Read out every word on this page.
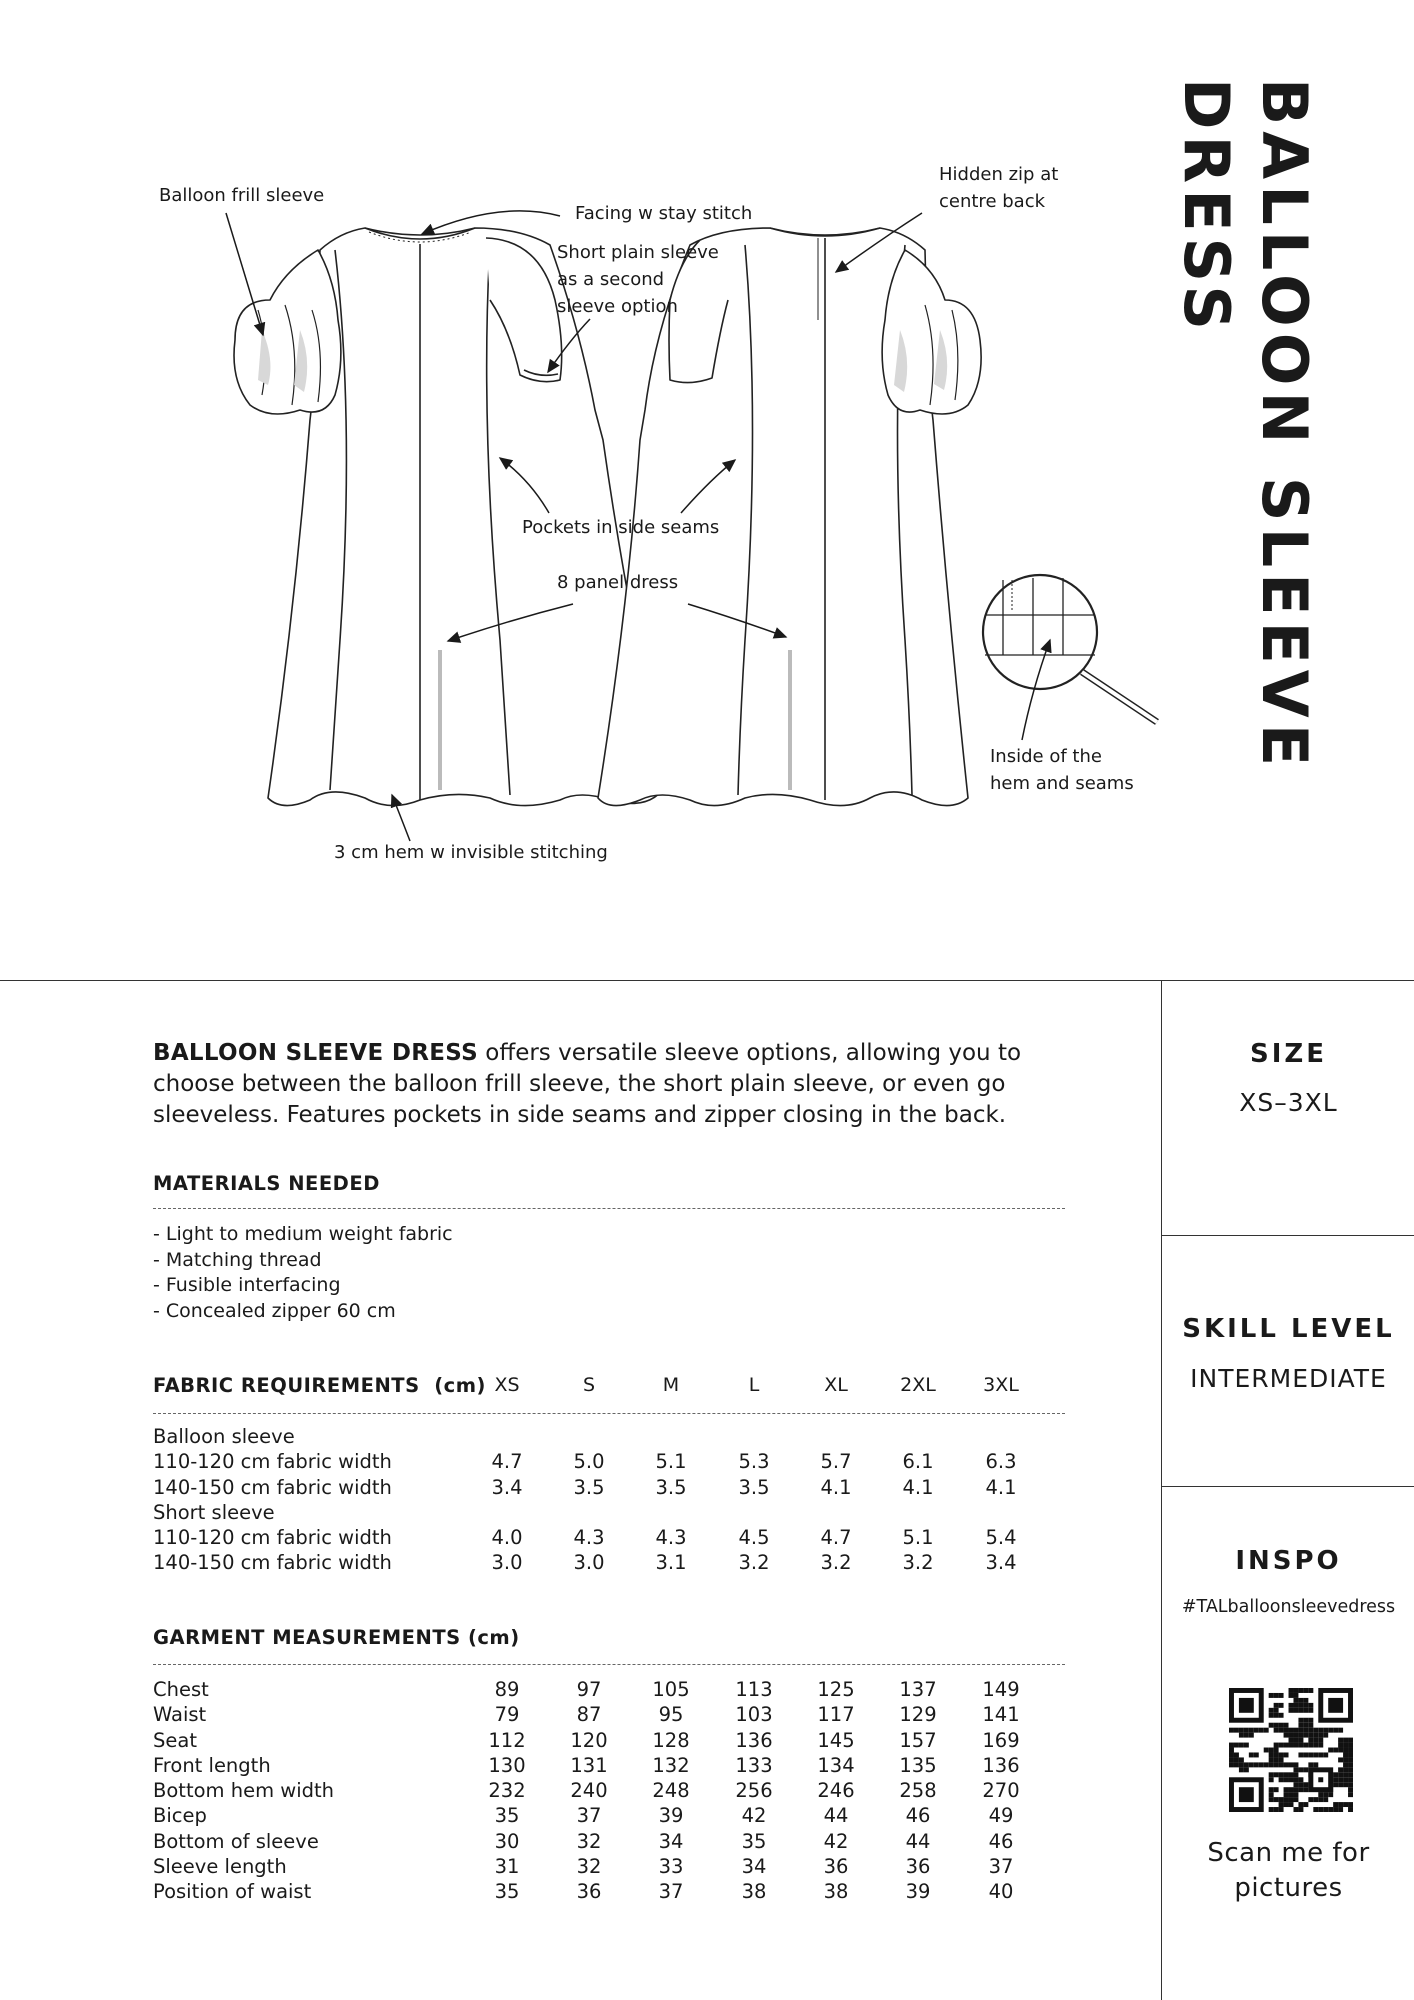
Balloon frill sleeve
Facing w stay stitch
Short plain sleeve
as a second
sleeve option
Hidden zip at
centre back
Pockets in side seams
8 panel dress
Inside of the
hem and seams
3 cm hem w invisible stitching
BALLOON SLEEVE
DRESS
BALLOON SLEEVE DRESS offers versatile sleeve options, allowing you to choose between the balloon frill sleeve, the short plain sleeve, or even go sleeveless. Features pockets in side seams and zipper closing in the back.
MATERIALS NEEDED
- Light to medium weight fabric
- Matching thread
- Fusible interfacing
- Concealed zipper 60 cm
FABRIC REQUIREMENTS (cm) XS	S	M	L	XL	2XL	3XL
Balloon sleeve
110-120 cm fabric width	4.7	5.0	5.1	5.3	5.7	6.1	6.3
140-150 cm fabric width	3.4	3.5	3.5	3.5	4.1	4.1	4.1
Short sleeve
110-120 cm fabric width	4.0	4.3	4.3	4.5	4.7	5.1	5.4
140-150 cm fabric width	3.0	3.0	3.1	3.2	3.2	3.2	3.4
GARMENT MEASUREMENTS (cm)
Chest	89	97	105	113	125	137	149
Waist	79	87	95	103	117	129	141
Seat	112	120	128	136	145	157	169
Front length	130	131	132	133	134	135	136
Bottom hem width	232	240	248	256	246	258	270
Bicep	35	37	39	42	44	46	49
Bottom of sleeve	30	32	34	35	42	44	46
Sleeve length	31	32	33	34	36	36	37
Position of waist	35	36	37	38	38	39	40
SIZE
XS–3XL
SKILL LEVEL
INTERMEDIATE
INSPO
#TALballoonsleevedress
Scan me for
pictures
